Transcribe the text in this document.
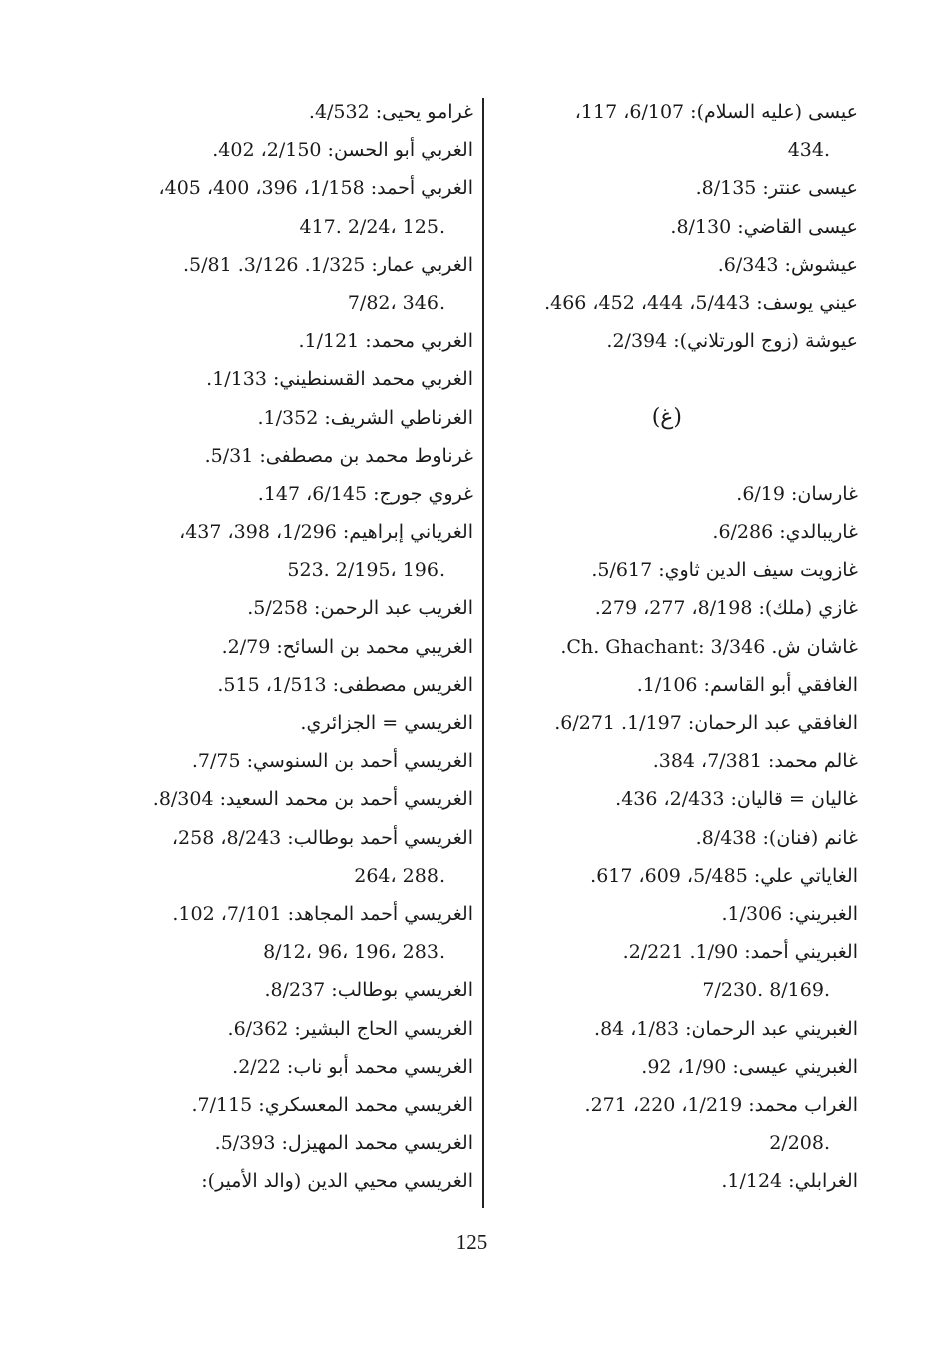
عيسى (عليه السلام): 6/107، 117،
434.
عيسى عنتر: 8/135.
عيسى القاضي: 8/130.
عيشوش: 6/343.
عيني يوسف: 5/443، 444، 452، 466.
عيوشة (زوج الورتلاني): 2/394.
(غ)
غارسان: 6/19.
غاريبالدي: 6/286.
غازويت سيف الدين ثاوي: 5/617.
غازي (ملك): 8/198، 277، 279.
غاشان ش. Ch. Ghachant: 3/346.
الغافقي أبو القاسم: 1/106.
الغافقي عبد الرحمان: 1/197. 6/271.
غالم محمد: 7/381، 384.
غاليان = قاليان: 2/433، 436.
غانم (فنان): 8/438.
الغاياتي علي: 5/485، 609، 617.
الغبريني: 1/306.
الغبريني أحمد: 1/90. 2/221.
7/230. 8/169.
الغبريني عبد الرحمان: 1/83، 84.
الغبريني عيسى: 1/90، 92.
الغراب محمد: 1/219، 220، 271.
2/208.
الغرابلي: 1/124.
غرامو يحيى: 4/532.
الغربي أبو الحسن: 2/150، 402.
الغربي أحمد: 1/158، 396، 400، 405،
417. 2/24، 125.
الغربي عمار: 1/325. 3/126. 5/81.
7/82، 346.
الغربي محمد: 1/121.
الغربي محمد القسنطيني: 1/133.
الغرناطي الشريف: 1/352.
غرناوط محمد بن مصطفى: 5/31.
غروي جورج: 6/145، 147.
الغرياني إبراهيم: 1/296، 398، 437،
523. 2/195، 196.
الغريب عبد الرحمن: 5/258.
الغريبي محمد بن السائح: 2/79.
الغريس مصطفى: 1/513، 515.
الغريسي = الجزائري.
الغريسي أحمد بن السنوسي: 7/75.
الغريسي أحمد بن محمد السعيد: 8/304.
الغريسي أحمد بوطالب: 8/243، 258،
264، 288.
الغريسي أحمد المجاهد: 7/101، 102.
8/12، 96، 196، 283.
الغريسي بوطالب: 8/237.
الغريسي الحاج البشير: 6/362.
الغريسي محمد أبو ناب: 2/22.
الغريسي محمد المعسكري: 7/115.
الغريسي محمد المهيزل: 5/393.
الغريسي محيي الدين (والد الأمير):
125
